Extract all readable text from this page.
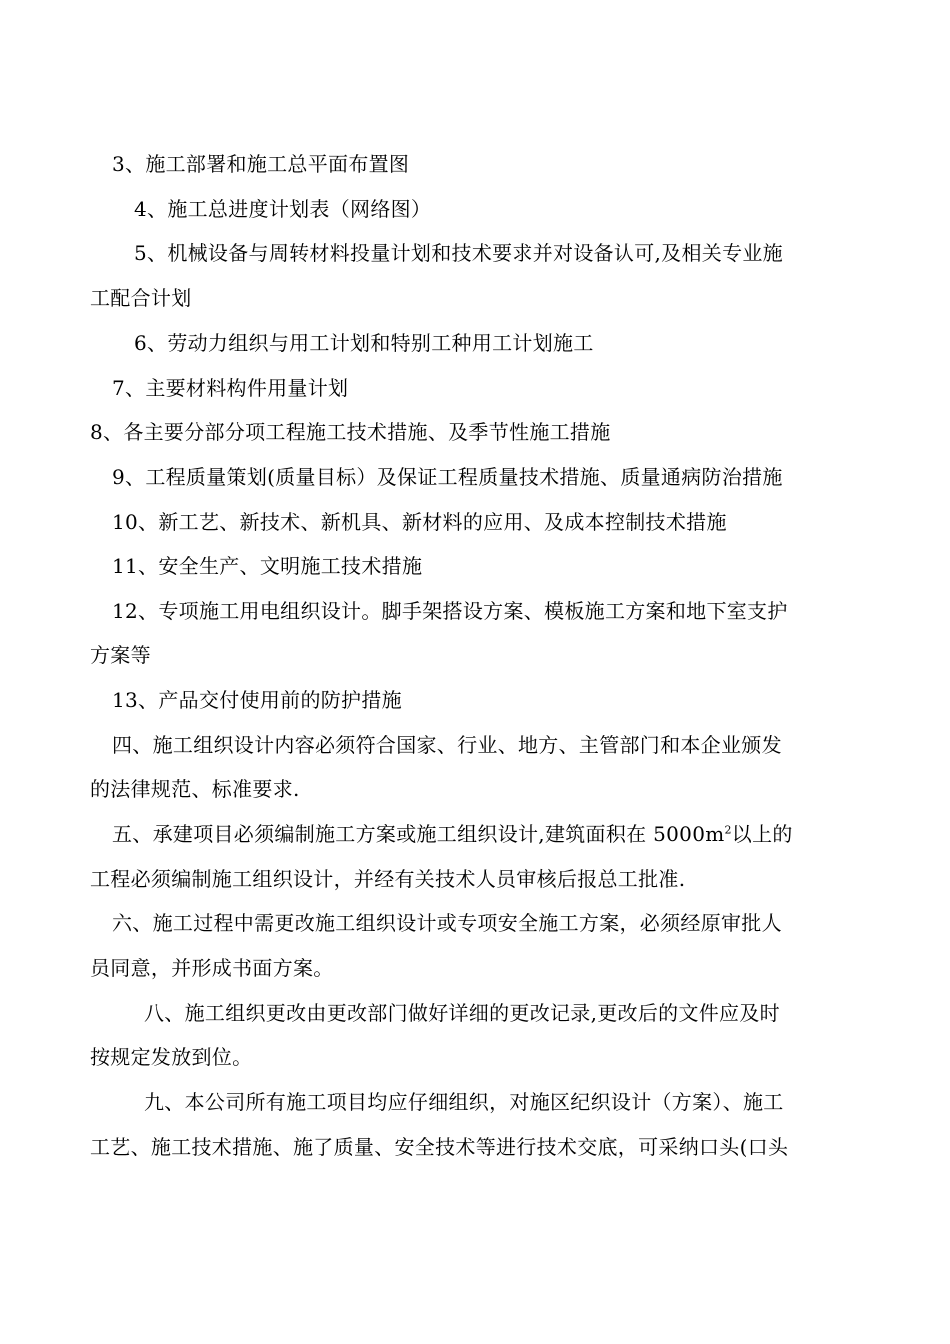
3、施工部署和施工总平面布置图
4、施工总进度计划表（网络图）
5、机械设备与周转材料投量计划和技术要求并对设备认可,及相关专业施
工配合计划
6、劳动力组织与用工计划和特别工种用工计划施工
7、主要材料构件用量计划
8、各主要分部分项工程施工技术措施、及季节性施工措施
9、工程质量策划(质量目标）及保证工程质量技术措施、质量通病防治措施
10、新工艺、新技术、新机具、新材料的应用、及成本控制技术措施
11、安全生产、文明施工技术措施
12、专项施工用电组织设计。脚手架搭设方案、模板施工方案和地下室支护
方案等
13、产品交付使用前的防护措施
四、施工组织设计内容必须符合国家、行业、地方、主管部门和本企业颁发
的法律规范、标准要求.
五、承建项目必须编制施工方案或施工组织设计,建筑面积在 $5000m^2$以上的
工程必须编制施工组织设计，并经有关技术人员审核后报总工批准.
六、施工过程中需更改施工组织设计或专项安全施工方案，必须经原审批人
员同意，并形成书面方案。
八、施工组织更改由更改部门做好详细的更改记录,更改后的文件应及时
按规定发放到位。
九、本公司所有施工项目均应仔细组织，对施区纪织设计（方案）、施工
工艺、施工技术措施、施了质量、安全技术等进行技术交底，可采纳口头(口头
